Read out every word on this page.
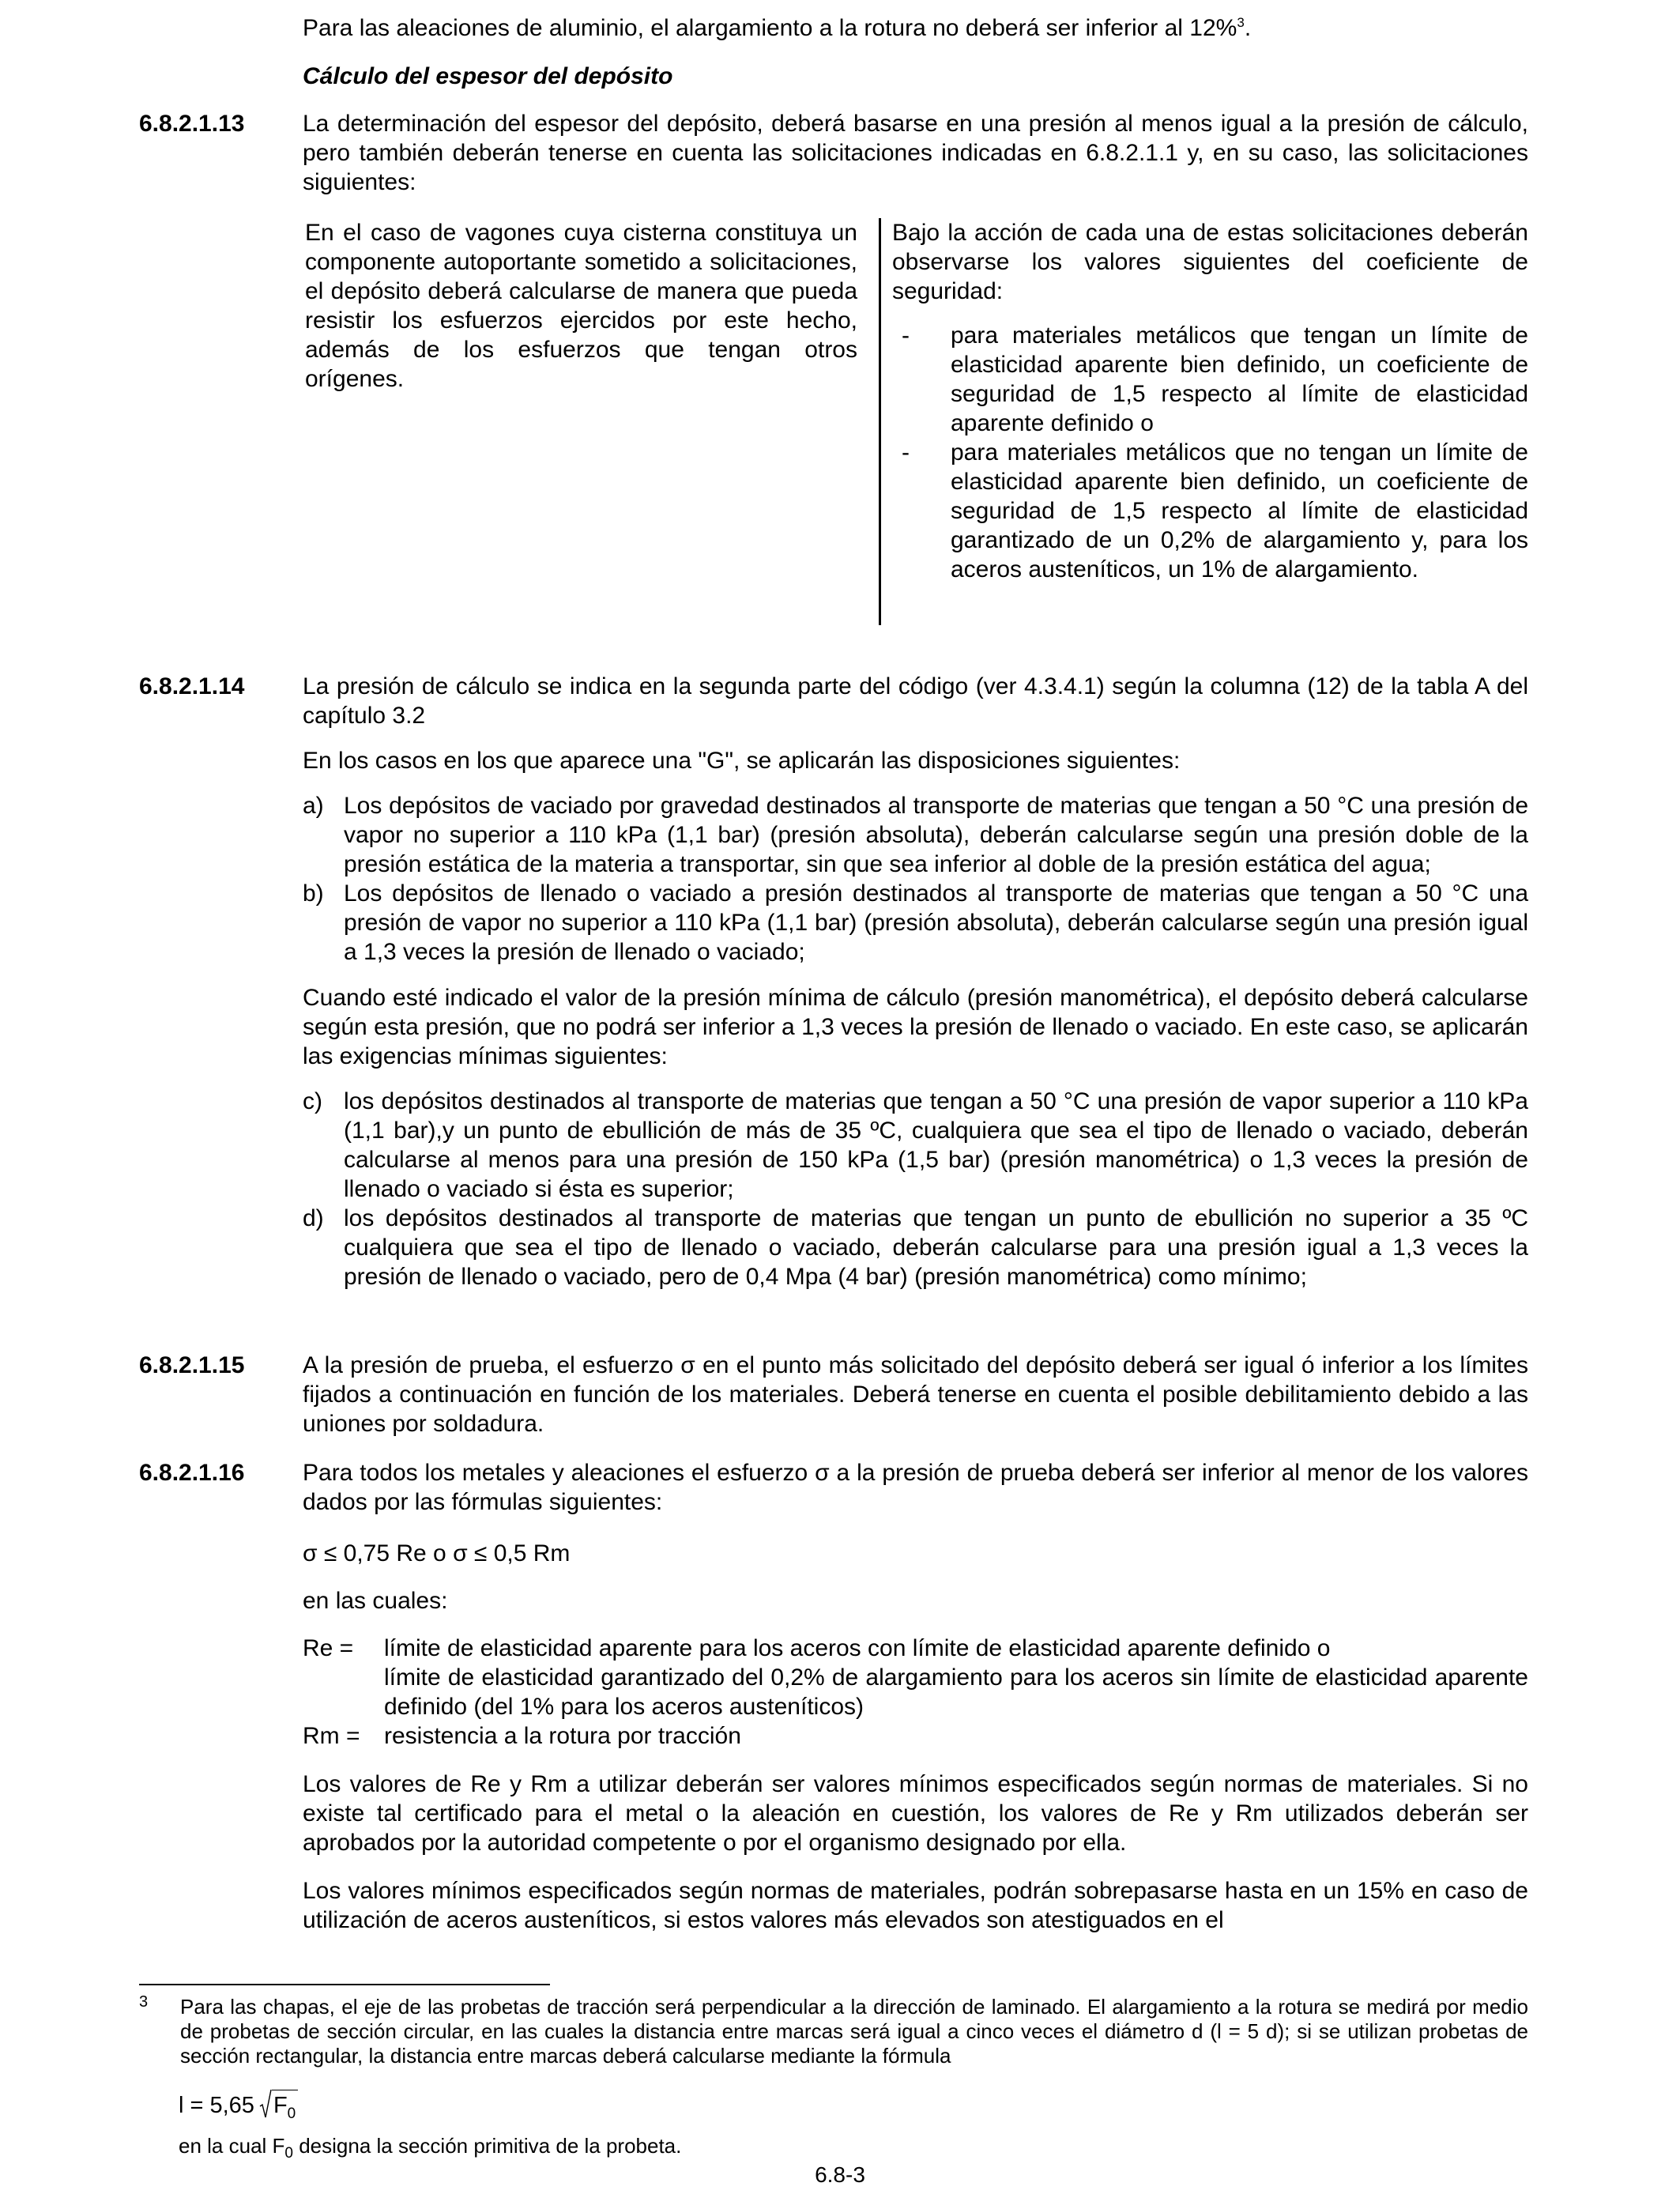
Para las aleaciones de aluminio, el alargamiento a la rotura no deberá ser inferior al 12%$^3$.

Cálculo del espesor del depósito
6.8.2.1.13 La determinación del espesor del depósito, deberá basarse en una presión al menos igual a la presión de cálculo, pero también deberán tenerse en cuenta las solicitaciones indicadas en 6.8.2.1.1 y, en su caso, las solicitaciones siguientes:

En el caso de vagones cuya cisterna constituya un componente autoportante sometido a solicitaciones, el depósito deberá calcularse de manera que pueda resistir los esfuerzos ejercidos por este hecho, además de los esfuerzos que tengan otros orígenes.

Bajo la acción de cada una de estas solicitaciones deberán observarse los valores siguientes del coeficiente de seguridad:

- para materiales metálicos que tengan un límite de elasticidad aparente bien definido, un coeficiente de seguridad de 1,5 respecto al límite de elasticidad aparente definido o

- para materiales metálicos que no tengan un límite de elasticidad aparente bien definido, un coeficiente de seguridad de 1,5 respecto al límite de elasticidad garantizado de un 0,2% de alargamiento y, para los aceros austeníticos, un 1% de alargamiento.

6.8.2.1.14 La presión de cálculo se indica en la segunda parte del código (ver 4.3.4.1) según la columna (12) de la tabla A del capítulo 3.2

En los casos en los que aparece una "G", se aplicarán las disposiciones siguientes:

a) Los depósitos de vaciado por gravedad destinados al transporte de materias que tengan a 50 °C una presión de vapor no superior a 110 kPa (1,1 bar) (presión absoluta), deberán calcularse según una presión doble de la presión estática de la materia a transportar, sin que sea inferior al doble de la presión estática del agua;

b) Los depósitos de llenado o vaciado a presión destinados al transporte de materias que tengan a 50 °C una presión de vapor no superior a 110 kPa (1,1 bar) (presión absoluta), deberán calcularse según una presión igual a 1,3 veces la presión de llenado o vaciado;

Cuando esté indicado el valor de la presión mínima de cálculo (presión manométrica), el depósito deberá calcularse según esta presión, que no podrá ser inferior a 1,3 veces la presión de llenado o vaciado. En este caso, se aplicarán las exigencias mínimas siguientes:

c) los depósitos destinados al transporte de materias que tengan a 50 °C una presión de vapor superior a 110 kPa (1,1 bar),y un punto de ebullición de más de 35 ºC, cualquiera que sea el tipo de llenado o vaciado, deberán calcularse al menos para una presión de 150 kPa (1,5 bar) (presión manométrica) o 1,3 veces la presión de llenado o vaciado si ésta es superior;

d) los depósitos destinados al transporte de materias que tengan un punto de ebullición no superior a 35 ºC cualquiera que sea el tipo de llenado o vaciado, deberán calcularse para una presión igual a 1,3 veces la presión de llenado o vaciado, pero de 0,4 Mpa (4 bar) (presión manométrica) como mínimo;

6.8.2.1.15 A la presión de prueba, el esfuerzo σ en el punto más solicitado del depósito deberá ser igual ó inferior a los límites fijados a continuación en función de los materiales. Deberá tenerse en cuenta el posible debilitamiento debido a las uniones por soldadura.

6.8.2.1.16 Para todos los metales y aleaciones el esfuerzo σ a la presión de prueba deberá ser inferior al menor de los valores dados por las fórmulas siguientes:

σ ≤ 0,75 Re o σ ≤ 0,5 Rm
en las cuales:
Re = límite de elasticidad aparente para los aceros con límite de elasticidad aparente definido o

límite de elasticidad garantizado del 0,2% de alargamiento para los aceros sin límite de elasticidad aparente definido (del 1% para los aceros austeníticos)

Rm = resistencia a la rotura por tracción

Los valores de Re y Rm a utilizar deberán ser valores mínimos especificados según normas de materiales. Si no existe tal certificado para el metal o la aleación en cuestión, los valores de Re y Rm utilizados deberán ser aprobados por la autoridad competente o por el organismo designado por ella.

Los valores mínimos especificados según normas de materiales, podrán sobrepasarse hasta en un 15% en caso de utilización de aceros austeníticos, si estos valores más elevados son atestiguados en el

3 Para las chapas, el eje de las probetas de tracción será perpendicular a la dirección de laminado. El alargamiento a la rotura se medirá por medio de probetas de sección circular, en las cuales la distancia entre marcas será igual a cinco veces el diámetro d (l = 5 d); si se utilizan probetas de sección rectangular, la distancia entre marcas deberá calcularse mediante la fórmula

l = 5,65 $F_0$
en la cual $F_0$ designa la sección primitiva de la probeta.
6.8-3
